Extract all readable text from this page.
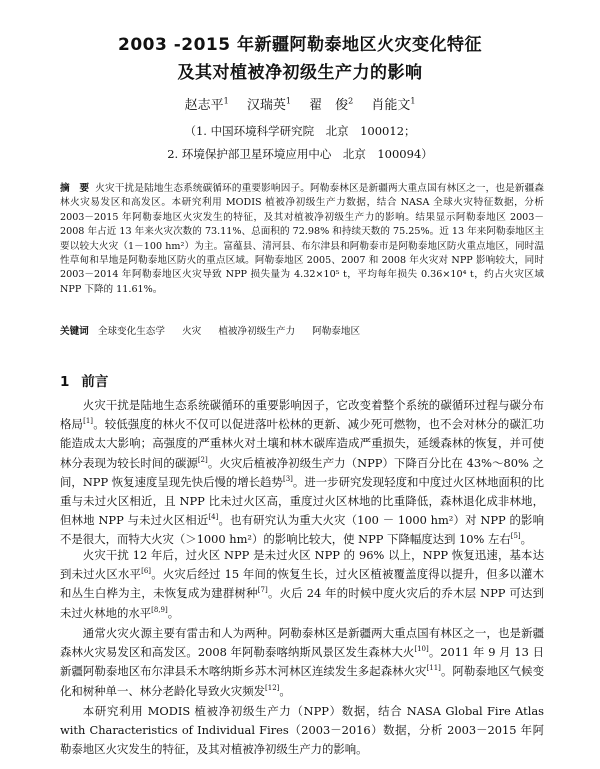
2003 -2015 年新疆阿勒泰地区火灾变化特征
及其对植被净初级生产力的影响
赵志平$^1$ 汉瑞英$^1$ 翟　俊$^2$ 肖能文$^1$
（1. 中国环境科学研究院　北京　100012；
2. 环境保护部卫星环境应用中心　北京　100094）
摘　要 火灾干扰是陆地生态系统碳循环的重要影响因子。阿勒泰林区是新疆两大重点国有林区之一，也是新疆森林火灾易发区和高发区。本研究利用 MODIS 植被净初级生产力数据，结合 NASA 全球火灾特征数据，分析 2003－2015 年阿勒泰地区火灾发生的特征，及其对植被净初级生产力的影响。结果显示阿勒泰地区 2003－2008 年占近 13 年来火灾次数的 73.11%、总面积的 72.98% 和持续天数的 75.25%。近 13 年来阿勒泰地区主要以较大火灾（1－100 hm²）为主。富蕴县、清河县、布尔津县和阿勒泰市是阿勒泰地区防火重点地区，同时温性草甸和旱地是阿勒泰地区防火的重点区域。阿勒泰地区 2005、2007 和 2008 年火灾对 NPP 影响较大，同时 2003－2014 年阿勒泰地区火灾导致 NPP 损失量为 4.32×10⁵ t，平均每年损失 0.36×10⁴ t，约占火灾区域 NPP 下降的 11.61%。
关键词 全球变化生态学 火灾 植被净初级生产力 阿勒泰地区
1 前言

火灾干扰是陆地生态系统碳循环的重要影响因子，它改变着整个系统的碳循环过程与碳分布格局[1]。较低强度的林火不仅可以促进落叶松林的更新、减少死可燃物，也不会对林分的碳汇功能造成太大影响；高强度的严重林火对土壤和林木碳库造成严重损失，延缓森林的恢复，并可使林分表现为较长时间的碳源[2]。火灾后植被净初级生产力（NPP）下降百分比在 43%～80% 之间，NPP 恢复速度呈现先快后慢的增长趋势[3]。进一步研究发现轻度和中度过火区林地面积的比重与未过火区相近，且 NPP 比未过火区高，重度过火区林地的比重降低，森林退化成非林地，但林地 NPP 与未过火区相近[4]。也有研究认为重大火灾（100 － 1000 hm²）对 NPP 的影响不是很大，而特大火灾（＞1000 hm²）的影响比较大，使 NPP 下降幅度达到 10% 左右[5]。

火灾干扰 12 年后，过火区 NPP 是未过火区 NPP 的 96% 以上，NPP 恢复迅速，基本达到未过火区水平[6]。火灾后经过 15 年间的恢复生长，过火区植被覆盖度得以提升，但多以灌木和丛生白桦为主，未恢复成为建群树种[7]。火后 24 年的时候中度火灾后的乔木层 NPP 可达到未过火林地的水平[8,9]。

通常火灾火源主要有雷击和人为两种。阿勒泰林区是新疆两大重点国有林区之一，也是新疆森林火灾易发区和高发区。2008 年阿勒泰喀纳斯风景区发生森林大火[10]。2011 年 9 月 13 日新疆阿勒泰地区布尔津县禾木喀纳斯乡苏木河林区连续发生多起森林火灾[11]。阿勒泰地区气候变化和树种单一、林分老龄化导致火灾频发[12]。

本研究利用 MODIS 植被净初级生产力（NPP）数据，结合 NASA Global Fire Atlas with Characteristics of Individual Fires（2003－2016）数据，分析 2003－2015 年阿勒泰地区火灾发生的特征，及其对植被净初级生产力的影响。
